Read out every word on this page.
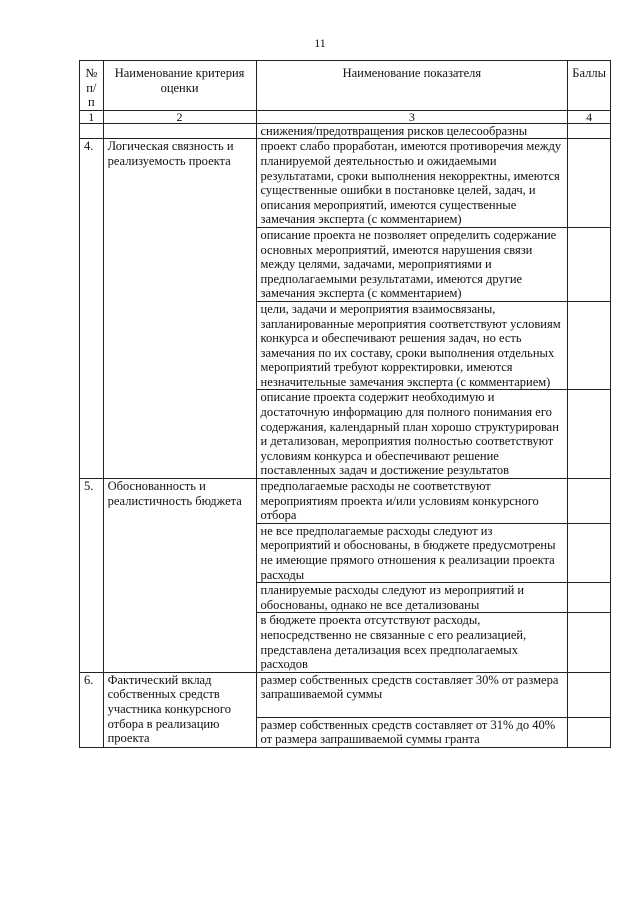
11
№ п/п	Наименование критерия оценки	Наименование показателя	Баллы
1	2	3	4
		снижения/предотвращения рисков целесообразны	
4.	Логическая связность и реализуемость проекта	проект слабо проработан, имеются противоречия между планируемой деятельностью и ожидаемыми результатами, сроки выполнения некорректны, имеются существенные ошибки в постановке целей, задач, и описания мероприятий, имеются существенные замечания эксперта (с комментарием)	
		описание проекта не позволяет определить содержание основных мероприятий, имеются нарушения связи между целями, задачами, мероприятиями и предполагаемыми результатами, имеются другие замечания эксперта (с комментарием)	
		цели, задачи и мероприятия взаимосвязаны, запланированные мероприятия соответствуют условиям конкурса и обеспечивают решения задач, но есть замечания по их составу, сроки выполнения отдельных мероприятий требуют корректировки, имеются незначительные замечания эксперта (с комментарием)	
		описание проекта содержит необходимую и достаточную информацию для полного понимания его содержания, календарный план хорошо структурирован и детализован, мероприятия полностью соответствуют условиям конкурса и обеспечивают решение поставленных задач и достижение результатов	
5.	Обоснованность и реалистичность бюджета	предполагаемые расходы не соответствуют мероприятиям проекта и/или условиям конкурсного отбора	
		не все предполагаемые расходы следуют из мероприятий и обоснованы, в бюджете предусмотрены не имеющие прямого отношения к реализации проекта расходы	
		планируемые расходы следуют из мероприятий и обоснованы, однако не все детализованы	
		в бюджете проекта отсутствуют расходы, непосредственно не связанные с его реализацией, представлена детализация всех предполагаемых расходов	
6.	Фактический вклад собственных средств участника конкурсного отбора в реализацию проекта	размер собственных средств составляет 30% от размера запрашиваемой суммы	
		размер собственных средств составляет от 31% до 40% от размера запрашиваемой суммы гранта	
